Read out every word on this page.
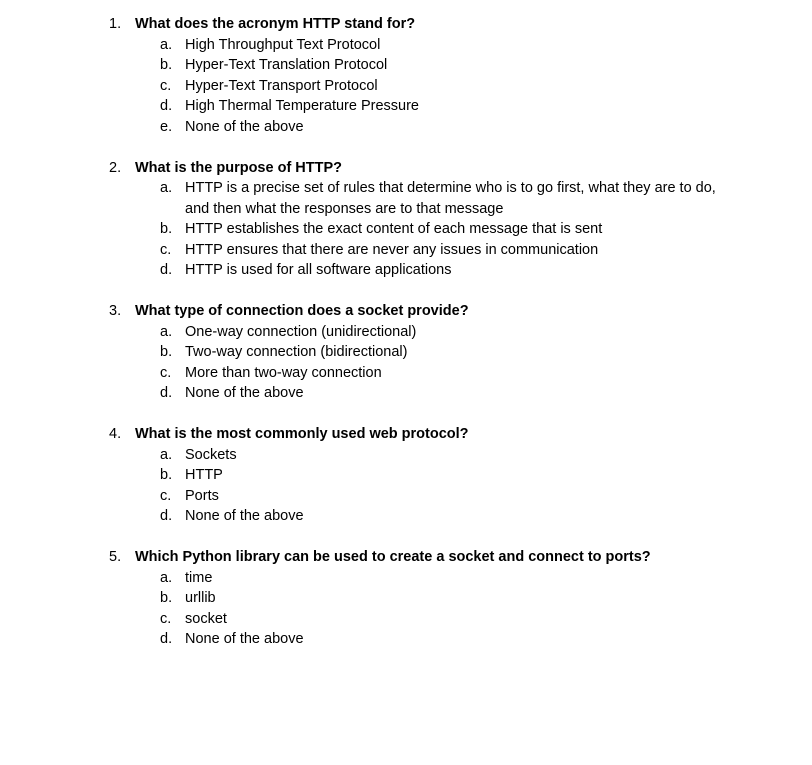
1. What does the acronym HTTP stand for?
a. High Throughput Text Protocol
b. Hyper-Text Translation Protocol
c. Hyper-Text Transport Protocol
d. High Thermal Temperature Pressure
e. None of the above
2. What is the purpose of HTTP?
a. HTTP is a precise set of rules that determine who is to go first, what they are to do, and then what the responses are to that message
b. HTTP establishes the exact content of each message that is sent
c. HTTP ensures that there are never any issues in communication
d. HTTP is used for all software applications
3. What type of connection does a socket provide?
a. One-way connection (unidirectional)
b. Two-way connection (bidirectional)
c. More than two-way connection
d. None of the above
4. What is the most commonly used web protocol?
a. Sockets
b. HTTP
c. Ports
d. None of the above
5. Which Python library can be used to create a socket and connect to ports?
a. time
b. urllib
c. socket
d. None of the above
